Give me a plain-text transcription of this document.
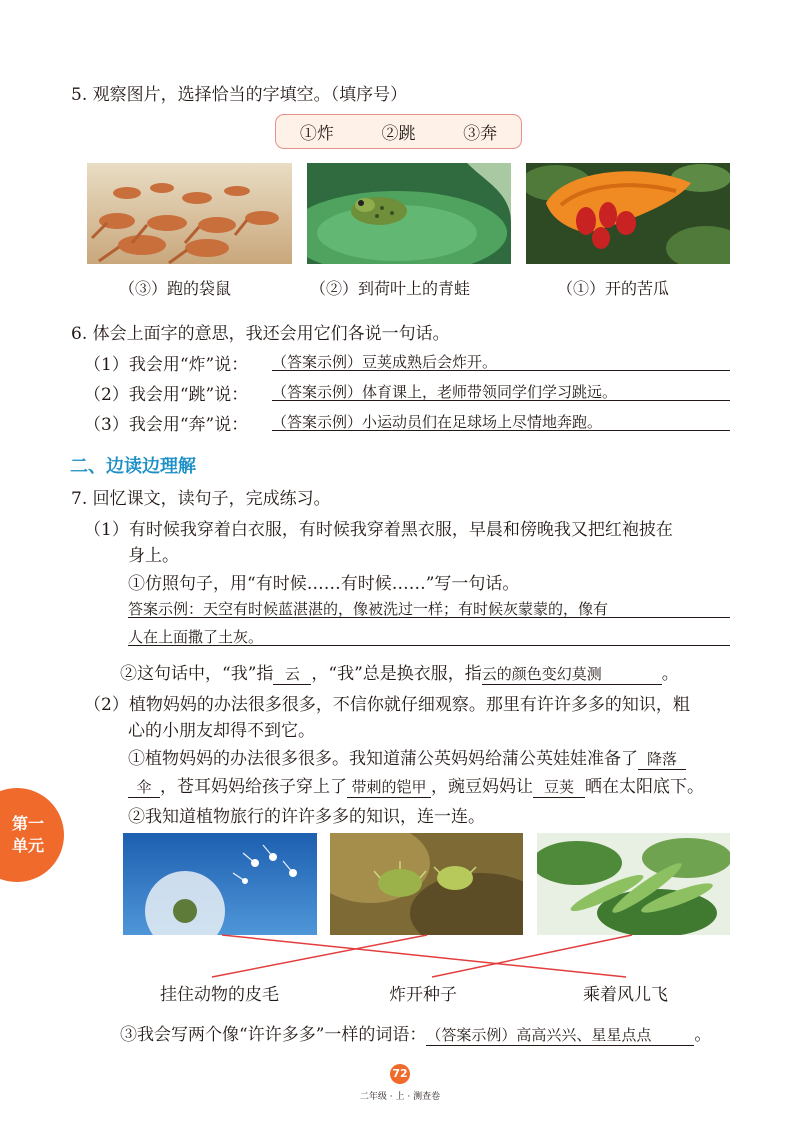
5. 观察图片，选择恰当的字填空。（填序号）
①炸	②跳	③奔
（③）跑的袋鼠	（②）到荷叶上的青蛙	（①）开的苦瓜
6. 体会上面字的意思，我还会用它们各说一句话。
（1）我会用“炸”说： （答案示例）豆荚成熟后会炸开。
（2）我会用“跳”说： （答案示例）体育课上，老师带领同学们学习跳远。
（3）我会用“奔”说： （答案示例）小运动员们在足球场上尽情地奔跑。
二、边读边理解
7. 回忆课文，读句子，完成练习。
（1）有时候我穿着白衣服，有时候我穿着黑衣服，早晨和傍晚我又把红袍披在
身上。
①仿照句子，用“有时候……有时候……”写一句话。
答案示例：天空有时候蓝湛湛的，像被洗过一样；有时候灰蒙蒙的，像有
人在上面撒了土灰。
②这句话中，“我”指 云 ，“我”总是换衣服，指云的颜色变幻莫测	。
（2）植物妈妈的办法很多很多，不信你就仔细观察。那里有许许多多的知识，粗
心的小朋友却得不到它。
①植物妈妈的办法很多很多。我知道蒲公英妈妈给蒲公英娃娃准备了 降落
伞 ，苍耳妈妈给孩子穿上了 带刺的铠甲 ，豌豆妈妈让 豆荚 晒在太阳底下。
②我知道植物旅行的许许多多的知识，连一连。
挂住动物的皮毛	炸开种子	乘着风儿飞
③我会写两个像“许许多多”一样的词语：（答案示例）高高兴兴、星星点点	。
第一
单元
72
二年级 · 上 · 测查卷
